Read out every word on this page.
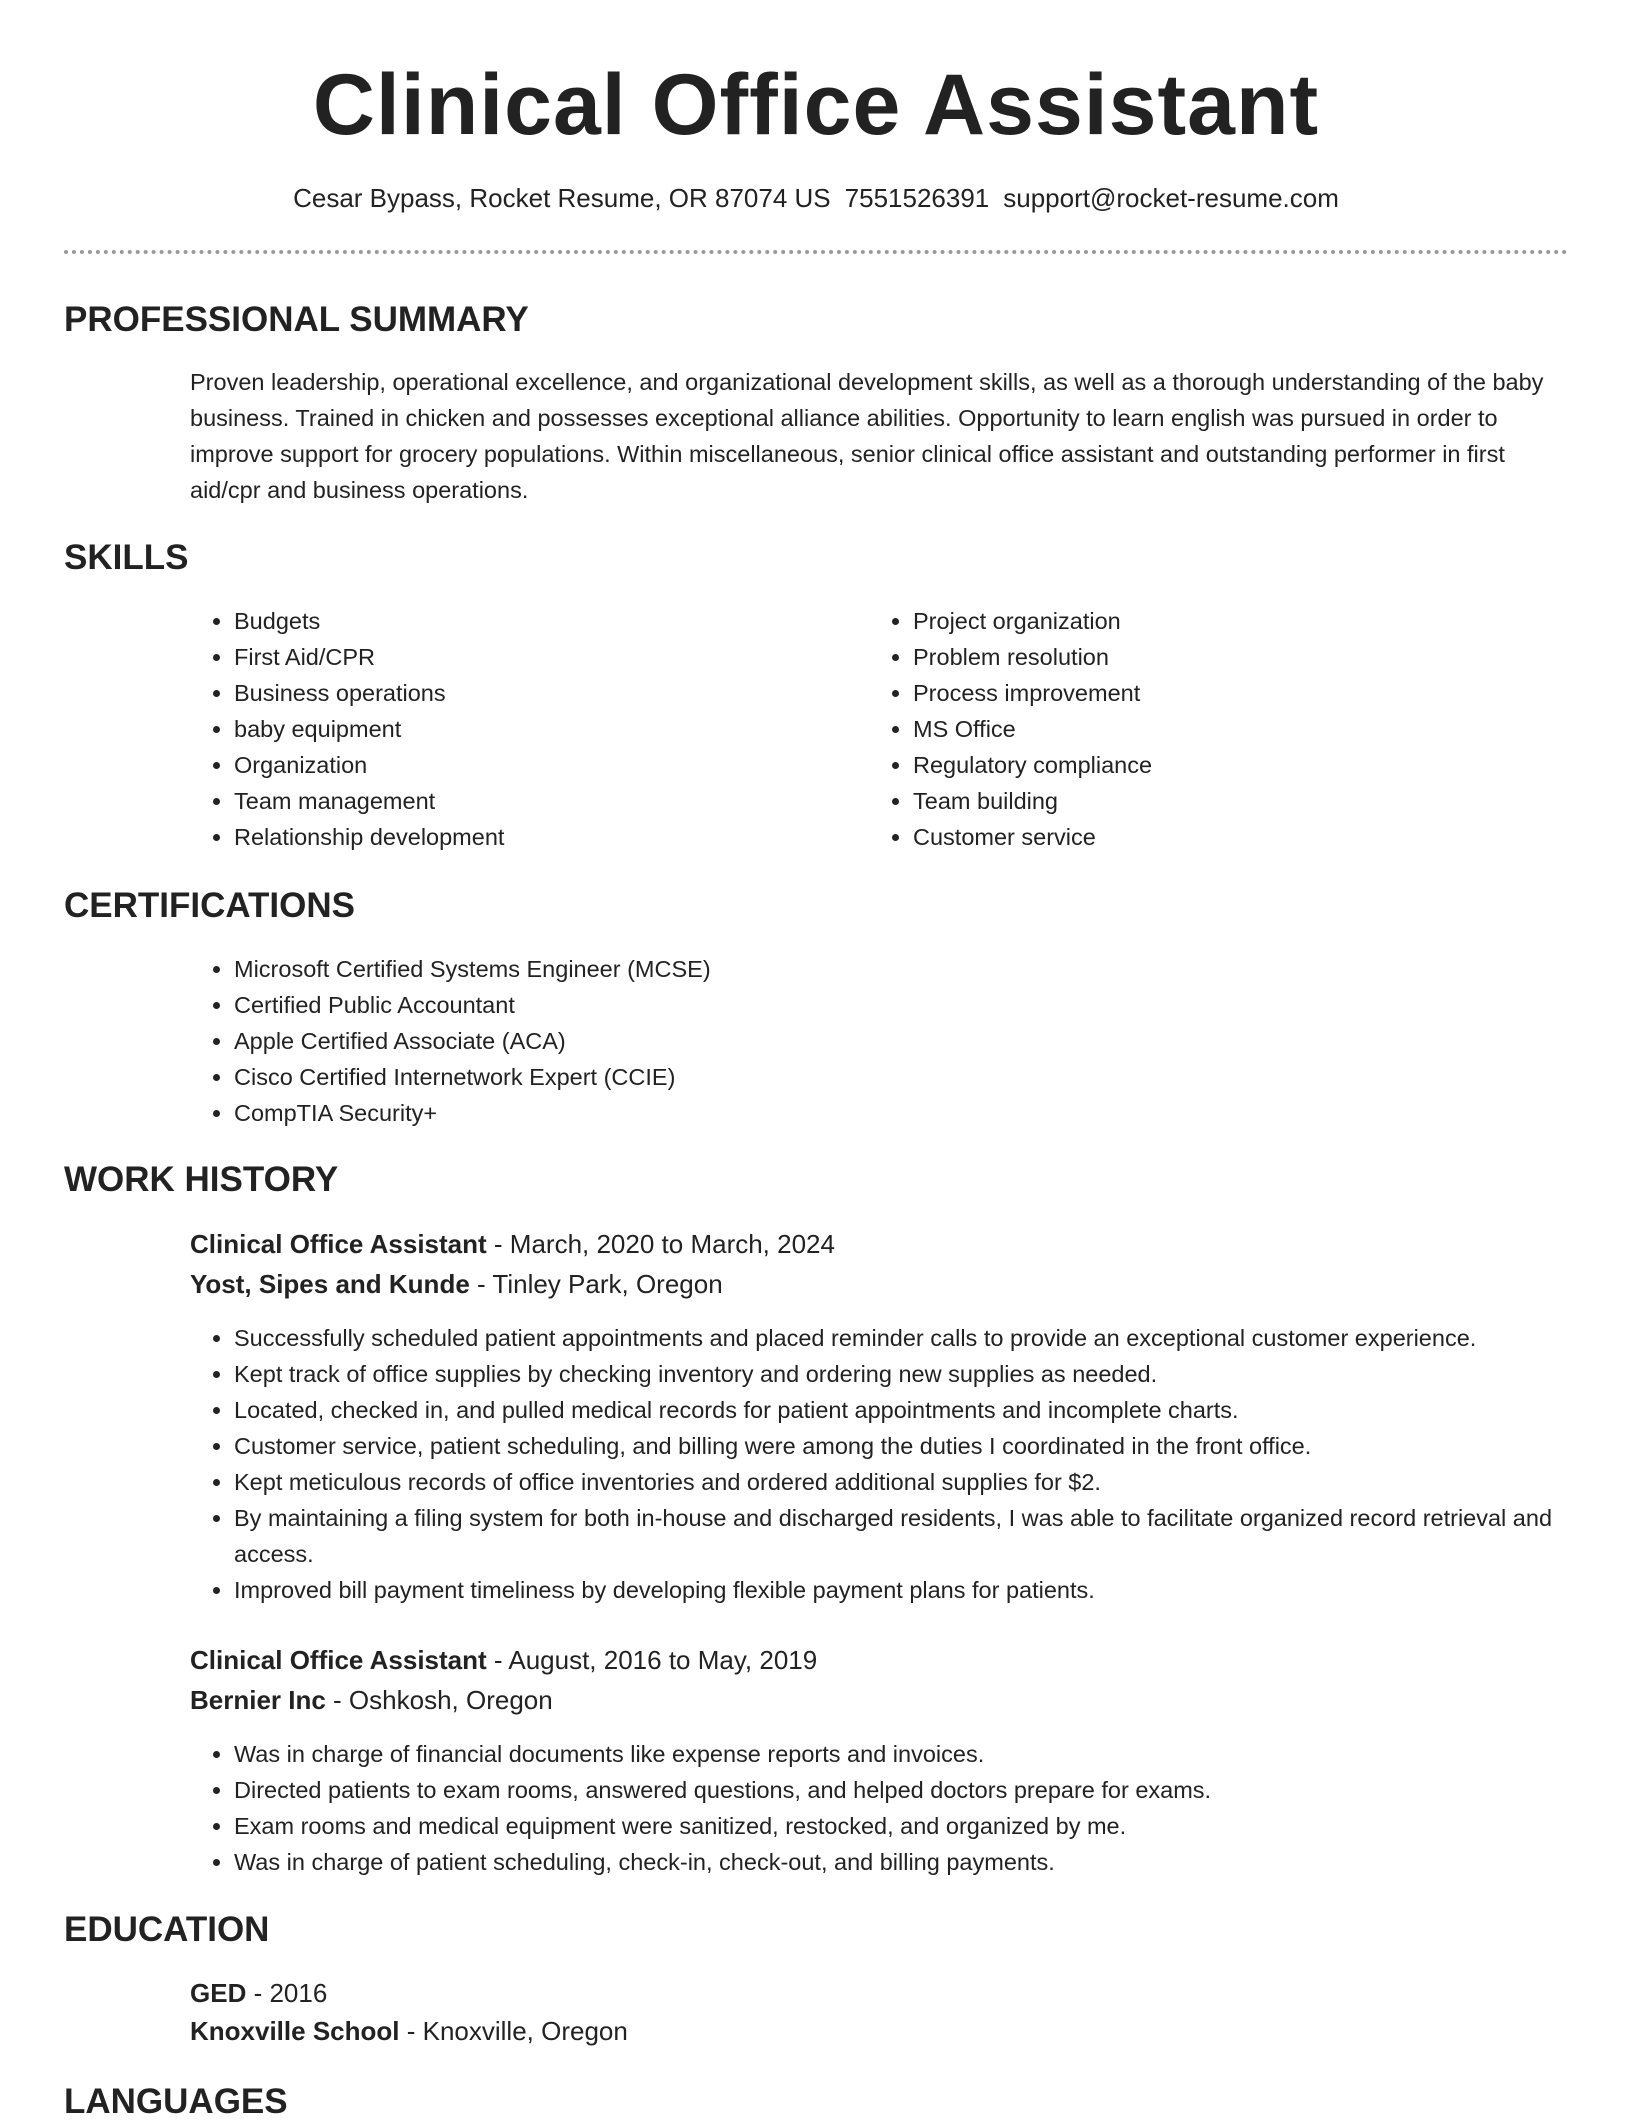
Clinical Office Assistant
Cesar Bypass, Rocket Resume, OR 87074 US 7551526391 support@rocket-resume.com
PROFESSIONAL SUMMARY

Proven leadership, operational excellence, and organizational development skills, as well as a thorough understanding of the baby business. Trained in chicken and possesses exceptional alliance abilities. Opportunity to learn english was pursued in order to improve support for grocery populations. Within miscellaneous, senior clinical office assistant and outstanding performer in first aid/cpr and business operations.

SKILLS
• Budgets
• First Aid/CPR
• Business operations
• baby equipment
• Organization
• Team management
• Relationship development
• Project organization
• Problem resolution
• Process improvement
• MS Office
• Regulatory compliance
• Team building
• Customer service
CERTIFICATIONS
• Microsoft Certified Systems Engineer (MCSE)
• Certified Public Accountant
• Apple Certified Associate (ACA)
• Cisco Certified Internetwork Expert (CCIE)
• CompTIA Security+
WORK HISTORY

Clinical Office Assistant - March, 2020 to March, 2024

Yost, Sipes and Kunde - Tinley Park, Oregon

• Successfully scheduled patient appointments and placed reminder calls to provide an exceptional customer experience.
• Kept track of office supplies by checking inventory and ordering new supplies as needed.
• Located, checked in, and pulled medical records for patient appointments and incomplete charts.
• Customer service, patient scheduling, and billing were among the duties I coordinated in the front office.
• Kept meticulous records of office inventories and ordered additional supplies for $2.
• By maintaining a filing system for both in-house and discharged residents, I was able to facilitate organized record retrieval and access.
• Improved bill payment timeliness by developing flexible payment plans for patients.

Clinical Office Assistant - August, 2016 to May, 2019

Bernier Inc - Oshkosh, Oregon

• Was in charge of financial documents like expense reports and invoices.
• Directed patients to exam rooms, answered questions, and helped doctors prepare for exams.
• Exam rooms and medical equipment were sanitized, restocked, and organized by me.
• Was in charge of patient scheduling, check-in, check-out, and billing payments.
EDUCATION

GED - 2016

Knoxville School - Knoxville, Oregon

LANGUAGES
